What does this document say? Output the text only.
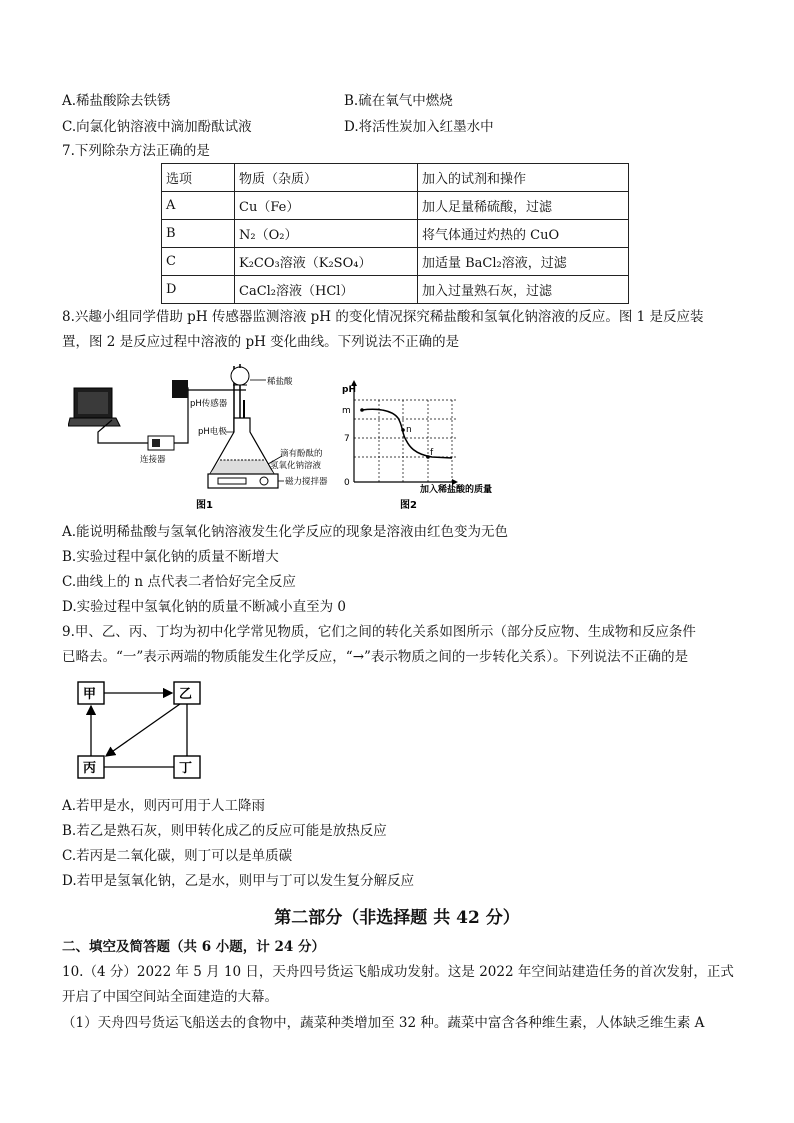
A.稀盐酸除去铁锈	B.硫在氧气中燃烧
C.向氯化钠溶液中滴加酚酞试液	D.将活性炭加入红墨水中
7.下列除杂方法正确的是
选项	物质（杂质）	加入的试剂和操作
A	Cu（Fe）	加人足量稀硫酸，过滤
B	N₂（O₂）	将气体通过灼热的 CuO
C	K₂CO₃溶液（K₂SO₄）	加适量 BaCl₂溶液，过滤
D	CaCl₂溶液（HCl）	加入过量熟石灰，过滤
8.兴趣小组同学借助 pH 传感器监测溶液 pH 的变化情况探究稀盐酸和氢氧化钠溶液的反应。图 1 是反应装
置，图 2 是反应过程中溶液的 pH 变化曲线。下列说法不正确的是
稀盐酸
pH传感器
pH电极
滴有酚酞的
氢氧化钠溶液
磁力搅拌器
连接器
图1
pH
7
0
m
n
f
加入稀盐酸的质量
图2
A.能说明稀盐酸与氢氧化钠溶液发生化学反应的现象是溶液由红色变为无色
B.实验过程中氯化钠的质量不断增大
C.曲线上的 n 点代表二者恰好完全反应
D.实验过程中氢氧化钠的质量不断减小直至为 0
9.甲、乙、丙、丁均为初中化学常见物质，它们之间的转化关系如图所示（部分反应物、生成物和反应条件
已略去。“一”表示两端的物质能发生化学反应，“→”表示物质之间的一步转化关系）。下列说法不正确的是
甲	乙
丙	丁
A.若甲是水，则丙可用于人工降雨
B.若乙是熟石灰，则甲转化成乙的反应可能是放热反应
C.若丙是二氧化碳，则丁可以是单质碳
D.若甲是氢氧化钠，乙是水，则甲与丁可以发生复分解反应
第二部分（非选择题 共 42 分）
二、填空及简答题（共 6 小题，计 24 分）
10.（4 分）2022 年 5 月 10 日，天舟四号货运飞船成功发射。这是 2022 年空间站建造任务的首次发射，正式
开启了中国空间站全面建造的大幕。
（1）天舟四号货运飞船送去的食物中，蔬菜种类增加至 32 种。蔬菜中富含各种维生素，人体缺乏维生素 A
